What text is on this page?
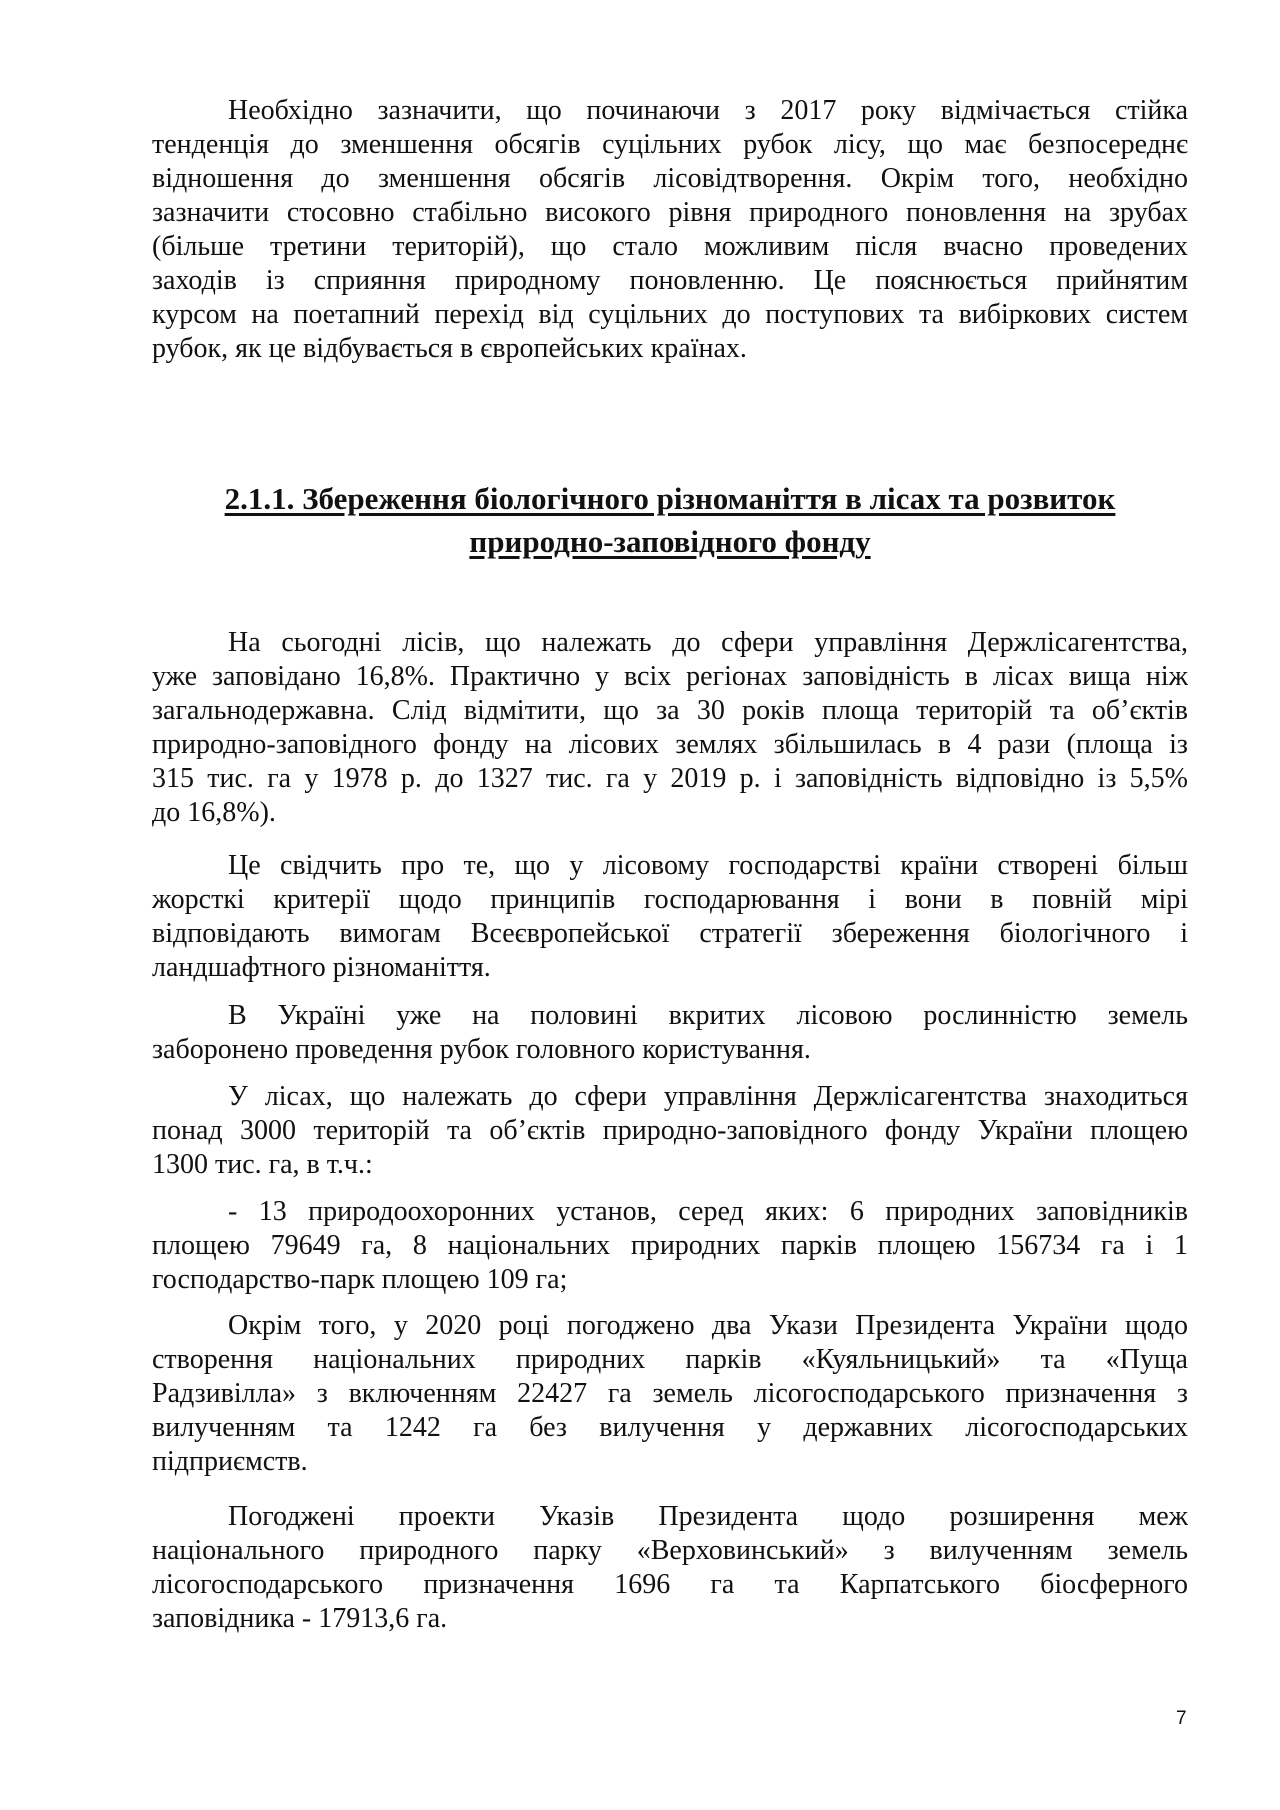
Необхідно зазначити, що починаючи з 2017 року відмічається стійка
тенденція до зменшення обсягів суцільних рубок лісу, що має безпосереднє
відношення до зменшення обсягів лісовідтворення. Окрім того, необхідно
зазначити стосовно стабільно високого рівня природного поновлення на зрубах
(більше третини територій), що стало можливим після вчасно проведених
заходів із сприяння природному поновленню. Це пояснюється прийнятим
курсом на поетапний перехід від суцільних до поступових та вибіркових систем
рубок, як це відбувається в європейських країнах.
2.1.1. Збереження біологічного різноманіття в лісах та розвиток
природно-заповідного фонду
На сьогодні лісів, що належать до сфери управління Держлісагентства,
уже заповідано 16,8%. Практично у всіх регіонах заповідність в лісах вища ніж
загальнодержавна. Слід відмітити, що за 30 років площа територій та об’єктів
природно-заповідного фонду на лісових землях збільшилась в 4 рази (площа із
315 тис. га у 1978 р. до 1327 тис. га у 2019 р. і заповідність відповідно із 5,5%
до 16,8%).
Це свідчить про те, що у лісовому господарстві країни створені більш
жорсткі критерії щодо принципів господарювання і вони в повній мірі
відповідають вимогам Всеєвропейської стратегії збереження біологічного і
ландшафтного різноманіття.
В Україні уже на половині вкритих лісовою рослинністю земель
заборонено проведення рубок головного користування.
У лісах, що належать до сфери управління Держлісагентства знаходиться
понад 3000 територій та об’єктів природно-заповідного фонду України площею
1300 тис. га, в т.ч.:
- 13 природоохоронних установ, серед яких: 6 природних заповідників
площею 79649 га, 8 національних природних парків площею 156734 га і 1
господарство-парк площею 109 га;
Окрім того, у 2020 році погоджено два Укази Президента України щодо
створення національних природних парків «Куяльницький» та «Пуща
Радзивілла» з включенням 22427 га земель лісогосподарського призначення з
вилученням та 1242 га без вилучення у державних лісогосподарських
підприємств.
Погоджені проекти Указів Президента щодо розширення меж
національного природного парку «Верховинський» з вилученням земель
лісогосподарського призначення 1696 га та Карпатського біосферного
заповідника - 17913,6 га.
7
